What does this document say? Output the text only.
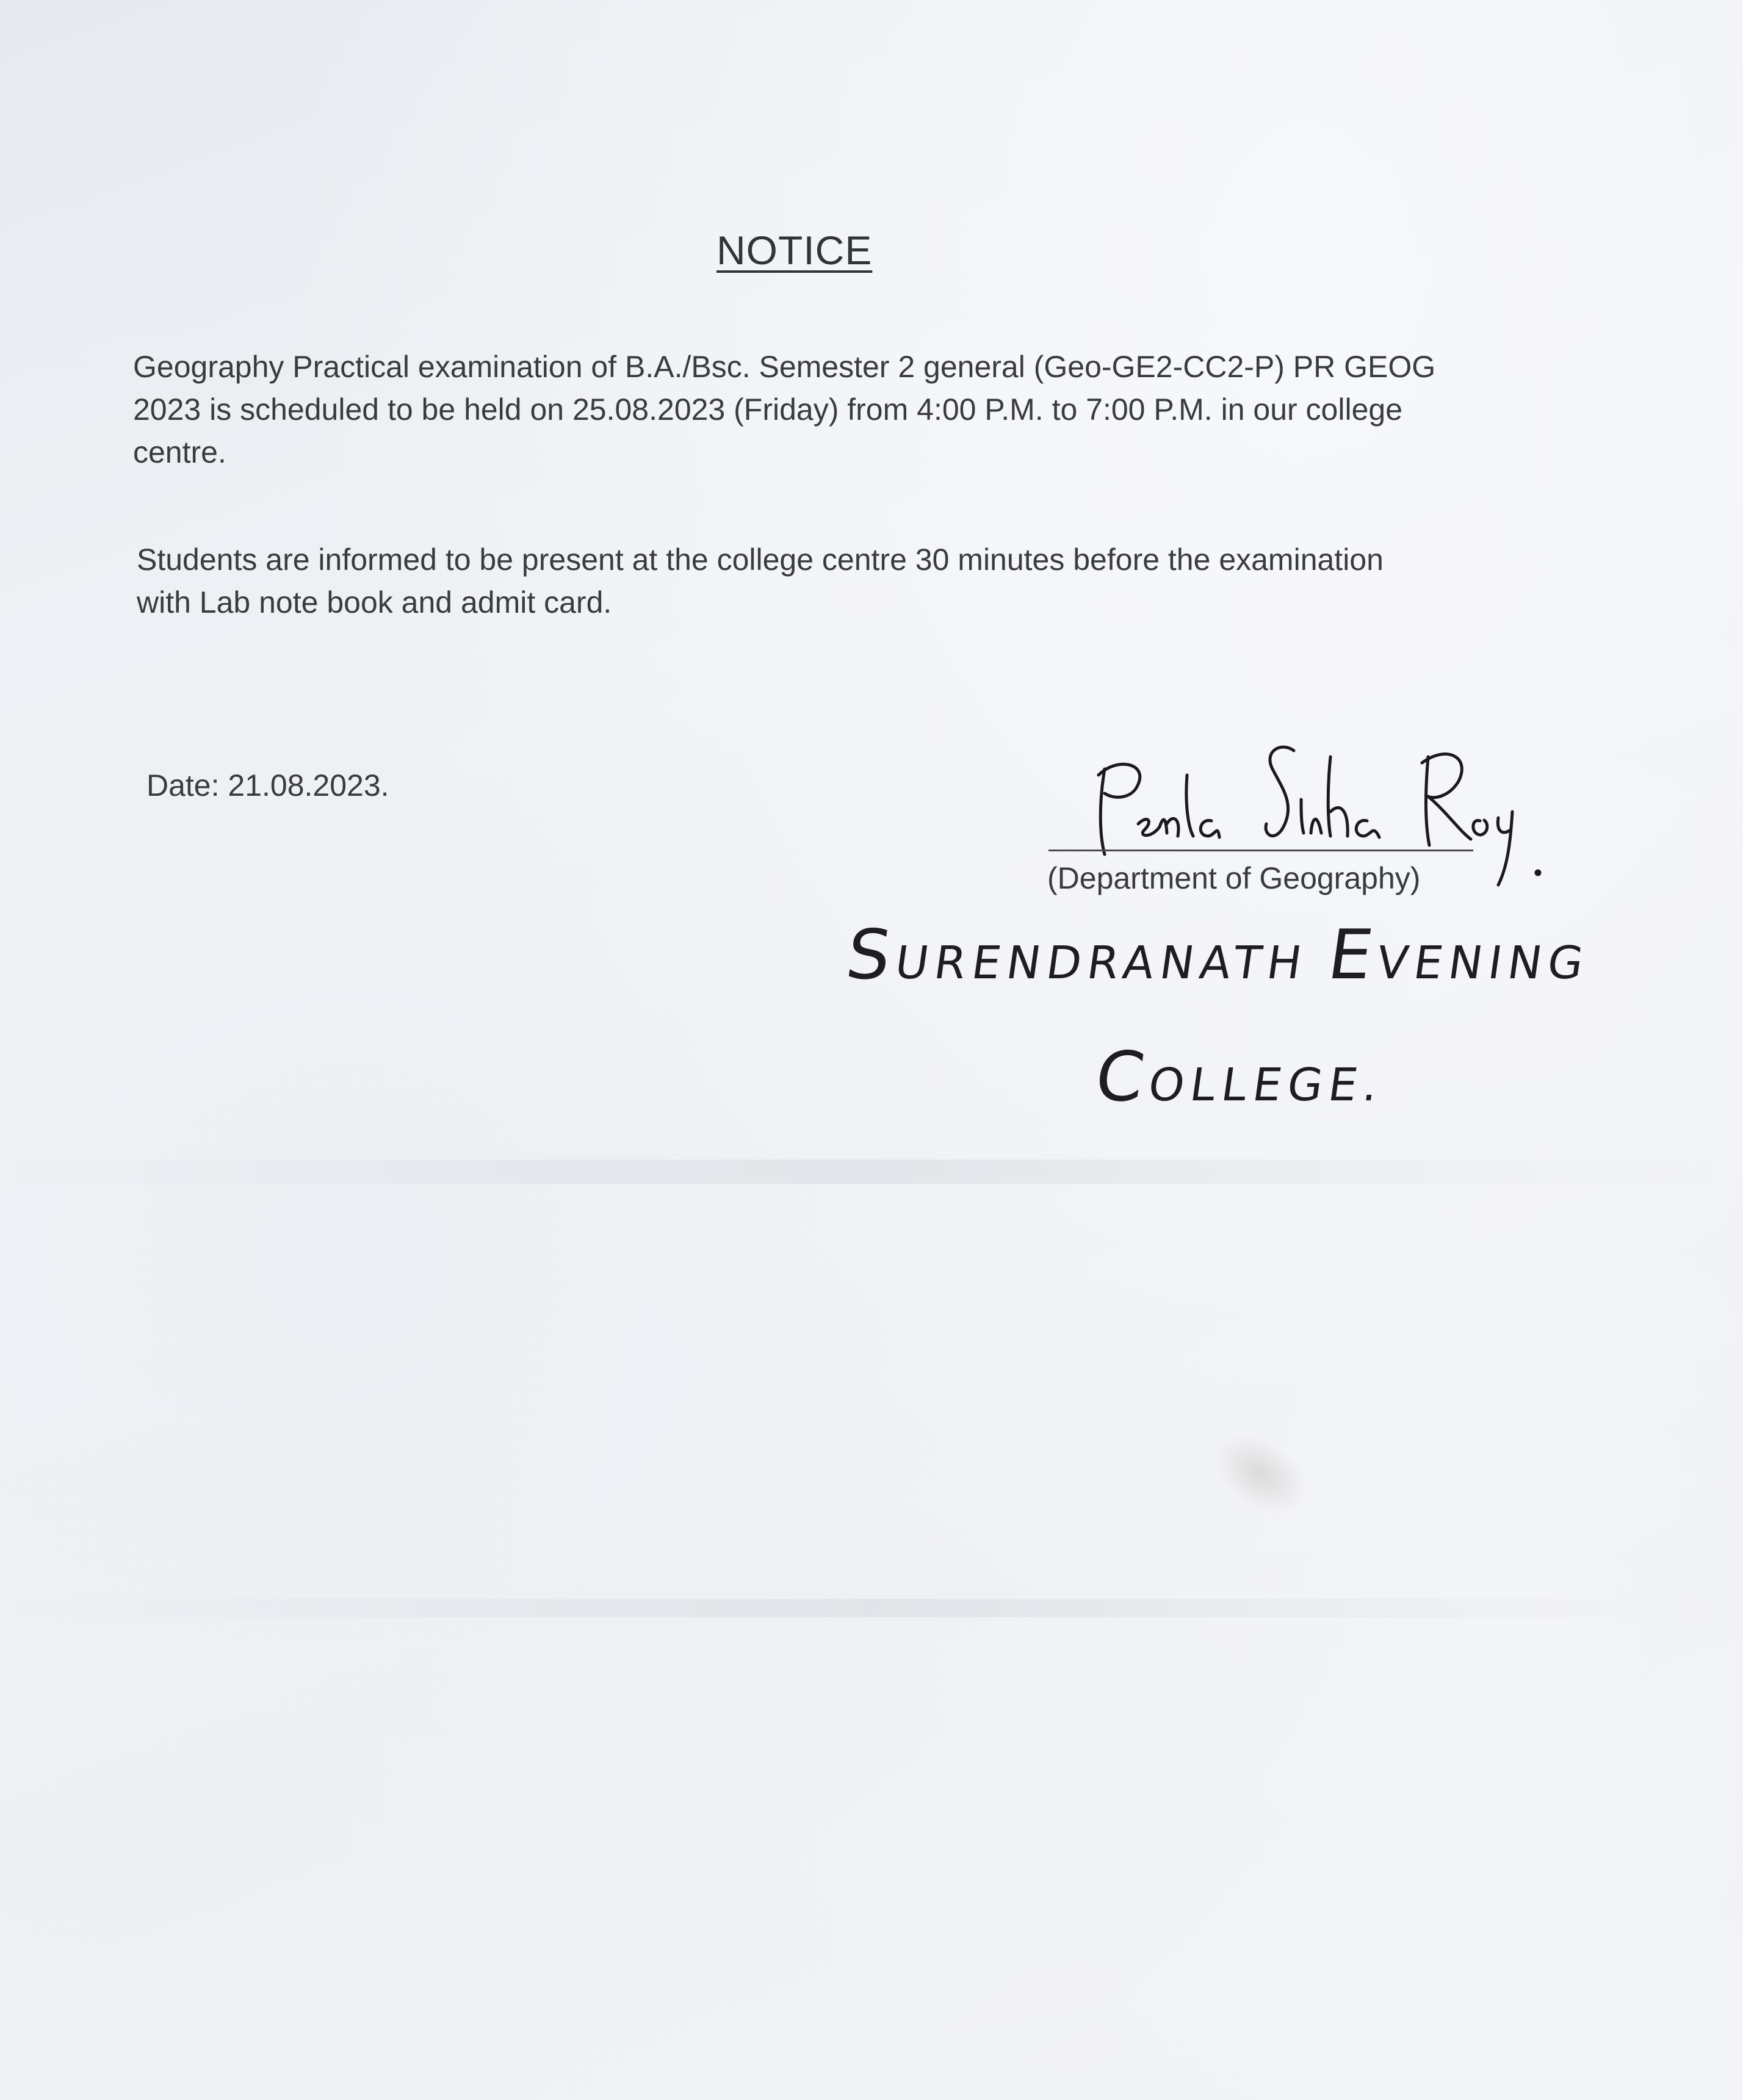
NOTICE
Geography Practical examination of B.A./Bsc. Semester 2 general (Geo-GE2-CC2-P) PR GEOG
2023 is scheduled to be held on 25.08.2023 (Friday) from 4:00 P.M. to 7:00 P.M. in our college
centre.
Students are informed to be present at the college centre 30 minutes before the examination
with Lab note book and admit card.
Date: 21.08.2023.
Perla Sinha Roy.
(Department of Geography)
SURENDRANATH EVENING
COLLEGE.
